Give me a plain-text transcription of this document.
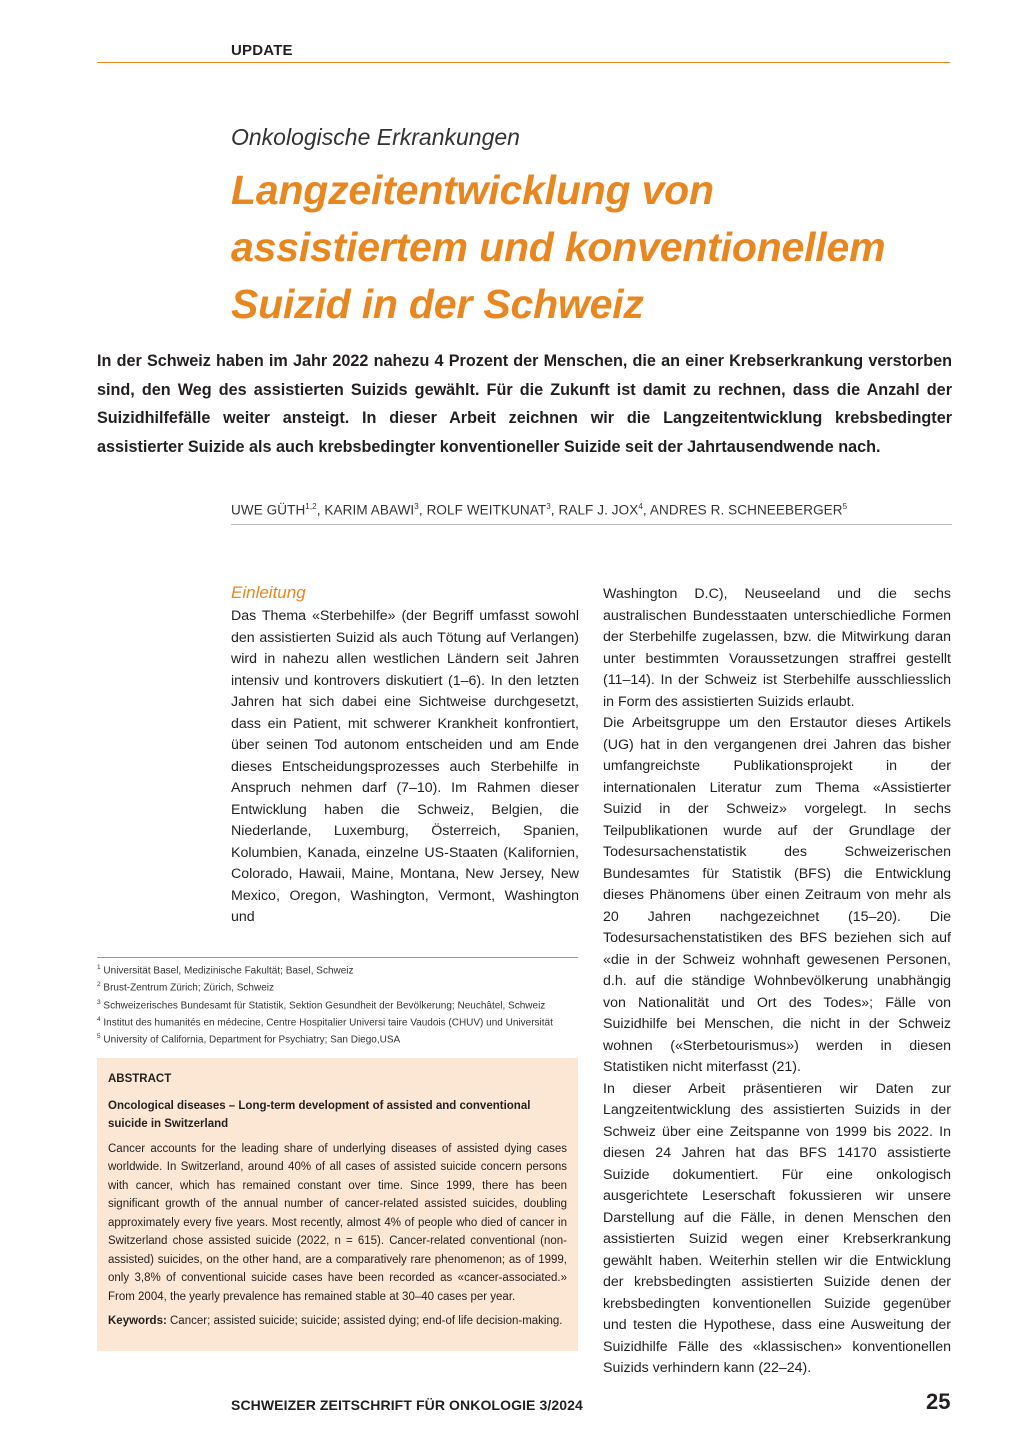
UPDATE
Onkologische Erkrankungen
Langzeitentwicklung von assistiertem und konventionellem Suizid in der Schweiz
In der Schweiz haben im Jahr 2022 nahezu 4 Prozent der Menschen, die an einer Krebserkrankung verstorben sind, den Weg des assistierten Suizids gewählt. Für die Zukunft ist damit zu rechnen, dass die Anzahl der Suizidhilfefälle weiter ansteigt. In dieser Arbeit zeichnen wir die Langzeitentwicklung krebsbedingter assistierter Suizide als auch krebsbedingter konventioneller Suizide seit der Jahrtausendwende nach.
UWE GÜTH$^{1,2}$, KARIM ABAWI$^3$, ROLF WEITKUNAT$^3$, RALF J. JOX$^4$, ANDRES R. SCHNEEBERGER$^5$
Einleitung

Das Thema «Sterbehilfe» (der Begriff umfasst sowohl den assistierten Suizid als auch Tötung auf Verlangen) wird in nahezu allen westlichen Ländern seit Jahren intensiv und kontrovers diskutiert (1–6). In den letzten Jahren hat sich dabei eine Sichtweise durchgesetzt, dass ein Patient, mit schwerer Krankheit konfrontiert, über seinen Tod autonom entscheiden und am Ende dieses Entscheidungsprozesses auch Sterbehilfe in Anspruch nehmen darf (7–10). Im Rahmen dieser Entwicklung haben die Schweiz, Belgien, die Niederlande, Luxemburg, Österreich, Spanien, Kolumbien, Kanada, einzelne US-Staaten (Kalifornien, Colorado, Hawaii, Maine, Montana, New Jersey, New Mexico, Oregon, Washington, Vermont, Washington und

Washington D.C), Neuseeland und die sechs australischen Bundesstaaten unterschiedliche Formen der Sterbehilfe zugelassen, bzw. die Mitwirkung daran unter bestimmten Voraussetzungen straffrei gestellt (11–14). In der Schweiz ist Sterbehilfe ausschliesslich in Form des assistierten Suizids erlaubt.

Die Arbeitsgruppe um den Erstautor dieses Artikels (UG) hat in den vergangenen drei Jahren das bisher umfangreichste Publikationsprojekt in der internationalen Literatur zum Thema «Assistierter Suizid in der Schweiz» vorgelegt. In sechs Teilpublikationen wurde auf der Grundlage der Todesursachenstatistik des Schweizerischen Bundesamtes für Statistik (BFS) die Entwicklung dieses Phänomens über einen Zeitraum von mehr als 20 Jahren nachgezeichnet (15–20). Die Todesursachenstatistiken des BFS beziehen sich auf «die in der Schweiz wohnhaft gewesenen Personen, d.h. auf die ständige Wohnbevölkerung unabhängig von Nationalität und Ort des Todes»; Fälle von Suizidhilfe bei Menschen, die nicht in der Schweiz wohnen («Sterbetourismus») werden in diesen Statistiken nicht miterfasst (21).

In dieser Arbeit präsentieren wir Daten zur Langzeitentwicklung des assistierten Suizids in der Schweiz über eine Zeitspanne von 1999 bis 2022. In diesen 24 Jahren hat das BFS 14170 assistierte Suizide dokumentiert. Für eine onkologisch ausgerichtete Leserschaft fokussieren wir unsere Darstellung auf die Fälle, in denen Menschen den assistierten Suizid wegen einer Krebserkrankung gewählt haben. Weiterhin stellen wir die Entwicklung der krebsbedingten assistierten Suizide denen der krebsbedingten konventionellen Suizide gegenüber und testen die Hypothese, dass eine Ausweitung der Suizidhilfe Fälle des «klassischen» konventionellen Suizids verhindern kann (22–24).

$^1$ Universität Basel, Medizinische Fakultät; Basel, Schweiz
$^2$ Brust-Zentrum Zürich; Zürich, Schweiz
$^3$ Schweizerisches Bundesamt für Statistik, Sektion Gesundheit der Bevölkerung; Neuchâtel, Schweiz
$^4$ Institut des humanités en médecine, Centre Hospitalier Universi taire Vaudois (CHUV) und Universität
$^5$ University of California, Department for Psychiatry; San Diego,USA
ABSTRACT
Oncological diseases – Long-term development of assisted and conventional suicide in Switzerland
Cancer accounts for the leading share of underlying diseases of assisted dying cases worldwide. In Switzerland, around 40% of all cases of assisted suicide concern persons with cancer, which has remained constant over time. Since 1999, there has been significant growth of the annual number of cancer-related assisted suicides, doubling approximately every five years. Most recently, almost 4% of people who died of cancer in Switzerland chose assisted suicide (2022, n = 615). Cancer-related conventional (non-assisted) suicides, on the other hand, are a comparatively rare phenomenon; as of 1999, only 3,8% of conventional suicide cases have been recorded as «cancer-associated.» From 2004, the yearly prevalence has remained stable at 30–40 cases per year.
Keywords: Cancer; assisted suicide; suicide; assisted dying; end-of life decision-making.
SCHWEIZER ZEITSCHRIFT FÜR ONKOLOGIE 3/2024	25
